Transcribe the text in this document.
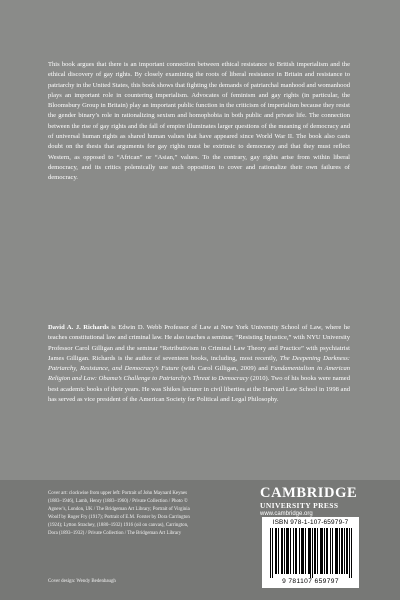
This book argues that there is an important connection between ethical resistance to British imperialism and the ethical discovery of gay rights. By closely examining the roots of liberal resistance in Britain and resistance to patriarchy in the United States, this book shows that fighting the demands of patriarchal manhood and womanhood plays an important role in countering imperialism. Advocates of feminism and gay rights (in particular, the Bloomsbury Group in Britain) play an important public function in the criticism of imperialism because they resist the gender binary’s role in rationalizing sexism and homophobia in both public and private life. The connection between the rise of gay rights and the fall of empire illuminates larger questions of the meaning of democracy and of universal human rights as shared human values that have appeared since World War II. The book also casts doubt on the thesis that arguments for gay rights must be extrinsic to democracy and that they must reflect Western, as opposed to “African” or “Asian,” values. To the contrary, gay rights arise from within liberal democracy, and its critics polemically use such opposition to cover and rationalize their own failures of democracy.

David A. J. Richards is Edwin D. Webb Professor of Law at New York University School of Law, where he teaches constitutional law and criminal law. He also teaches a seminar, “Resisting Injustice,” with NYU University Professor Carol Gilligan and the seminar “Retributivism in Criminal Law Theory and Practice” with psychiatrist James Gilligan. Richards is the author of seventeen books, including, most recently, The Deepening Darkness: Patriarchy, Resistance, and Democracy’s Future (with Carol Gilligan, 2009) and Fundamentalism in American Religion and Law: Obama’s Challenge to Patriarchy’s Threat to Democracy (2010). Two of his books were named best academic books of their years. He was Shikes lecturer in civil liberties at the Harvard Law School in 1998 and has served as vice president of the American Society for Political and Legal Philosophy.

Cover art: clockwise from upper left: Portrait of John Maynard Keynes (1883–1946), Lamb, Henry (1883–1960) / Private Collection / Photo © Agnew’s, London, UK / The Bridgeman Art Library; Portrait of Virginia Woolf by Roger Fry (1917); Portrait of E.M. Forster by Dora Carrington (1924); Lytton Strachey, (1880–1932) 1916 (oil on canvas), Carrington, Dora (1893–1932) / Private Collection / The Bridgeman Art Library

Cover design: Wendy Bedenbaugh

CAMBRIDGE
UNIVERSITY PRESS
www.cambridge.org
ISBN 978-1-107-65979-7
9 781107 659797
